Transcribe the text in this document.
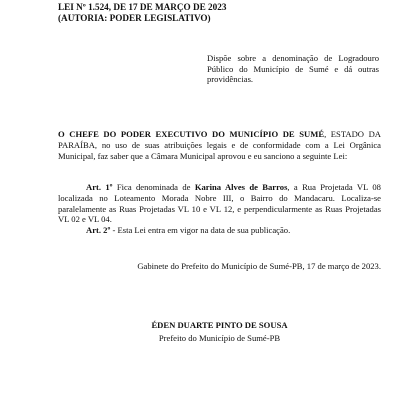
LEI Nº 1.524, DE 17 DE MARÇO DE 2023
(AUTORIA: PODER LEGISLATIVO)
Dispõe sobre a denominação de Logradouro Público do Município de Sumé e dá outras providências.
O CHEFE DO PODER EXECUTIVO DO MUNICÍPIO DE SUMÉ, ESTADO DA PARAÍBA, no uso de suas atribuições legais e de conformidade com a Lei Orgânica Municipal, faz saber que a Câmara Municipal aprovou e eu sanciono a seguinte Lei:
Art. 1º Fica denominada de Karina Alves de Barros, a Rua Projetada VL 08 localizada no Loteamento Morada Nobre III, o Bairro do Mandacaru. Localiza-se paralelamente as Ruas Projetadas VL 10 e VL 12, e perpendicularmente as Ruas Projetadas VL 02 e VL 04.
Art. 2º - Esta Lei entra em vigor na data de sua publicação.
Gabinete do Prefeito do Município de Sumé-PB, 17 de março de 2023.
ÉDEN DUARTE PINTO DE SOUSA
Prefeito do Município de Sumé-PB
